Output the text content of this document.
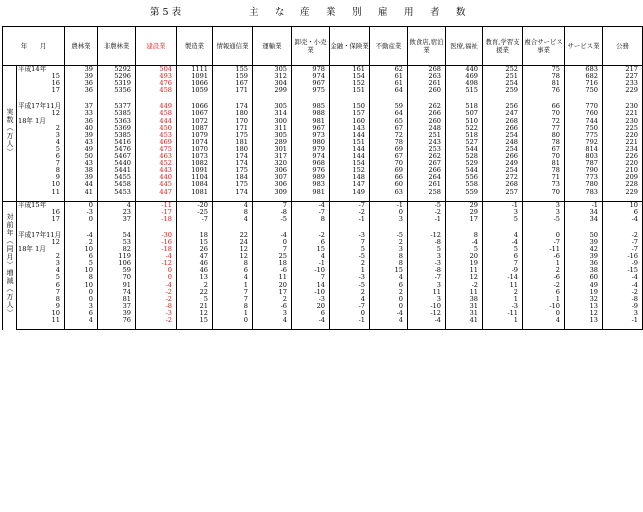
第 5 表	主 な 産 業 別 雇 用 者 数
年　　月		農林業	非農林業	建設業	製造業	情報通信業	運輸業	卸売・小売業	金融・保険業	不動産業	飲食店,宿泊業	医療,福祉	教育,学習支援業	複合サービス事業	サービス業	公務
実数（万人）	平成14年	39	5292	504	1111	155	305	978	161	62	268	440	252	75	683	217
	15	39	5296	493	1091	159	312	974	154	61	263	469	251	78	682	227
	16	36	5319	476	1066	167	304	967	152	61	261	498	254	81	716	233
	17	36	5356	458	1059	171	299	975	151	64	260	515	259	76	750	229

	平成17年11月	37	5377	449	1066	174	305	985	150	59	262	518	256	66	770	230
	12	33	5385	458	1067	180	314	988	157	64	266	507	247	70	760	221
	18年 1月	36	5363	444	1072	170	300	981	160	65	260	510	268	72	744	230
	2	40	5369	450	1087	171	311	967	143	67	248	522	266	77	750	225
	3	39	5385	453	1079	175	305	973	144	72	251	518	254	80	775	220
	4	43	5416	469	1074	181	289	980	151	78	243	527	248	78	792	221
	5	49	5476	475	1070	180	301	979	144	69	253	544	254	67	814	234
	6	50	5467	463	1073	174	317	974	144	67	262	528	266	70	803	226
	7	43	5440	452	1082	174	320	968	154	70	267	529	249	81	787	220
	8	38	5441	443	1091	175	306	976	152	69	266	544	254	78	790	210
	9	39	5455	440	1104	184	307	989	148	66	264	556	272	71	773	209
	10	44	5458	445	1084	175	306	983	147	60	261	558	268	73	780	228
	11	41	5453	447	1081	174	309	981	149	63	258	559	257	70	783	229

対前年（同月）増減（万人）	平成15年	0	4	-11	-20	4	7	-4	-7	-1	-5	29	-1	3	-1	10
	16	-3	23	-17	-25	8	-8	-7	-2	0	-2	29	3	3	34	6
	17	0	37	-18	-7	4	-5	8	-1	3	-1	17	5	-5	34	-4

	平成17年11月	-4	54	-30	18	22	-4	-2	-3	-5	-12	8	4	0	50	-2
	12	2	53	-16	15	24	0	6	7	2	-8	-4	-4	-7	39	-7
	18年 1月	10	82	-18	26	12	7	15	5	3	5	5	5	-11	42	-7
	2	6	119	-4	47	12	25	4	-5	8	3	20	6	-6	39	-16
	3	5	106	-12	46	8	18	-1	2	8	-3	19	7	1	36	-9
	4	10	59	0	46	6	-6	-10	1	15	-8	11	-9	2	38	-15
	5	8	70	0	13	4	11	7	-3	4	-7	12	-14	-6	60	-4
	6	10	91	-4	2	1	20	14	-5	6	3	-2	11	-2	49	-4
	7	0	74	-2	22	7	17	-10	2	2	11	11	2	6	19	-2
	8	0	81	-2	5	7	2	-3	4	0	3	38	1	1	32	-8
	9	3	37	-8	21	8	-6	20	-7	0	-10	31	-3	-10	13	-9
	10	6	39	-3	12	1	3	6	0	-4	-12	31	-11	0	12	3
	11	4	76	-2	15	0	4	-4	-1	4	-4	41	1	4	13	-1
